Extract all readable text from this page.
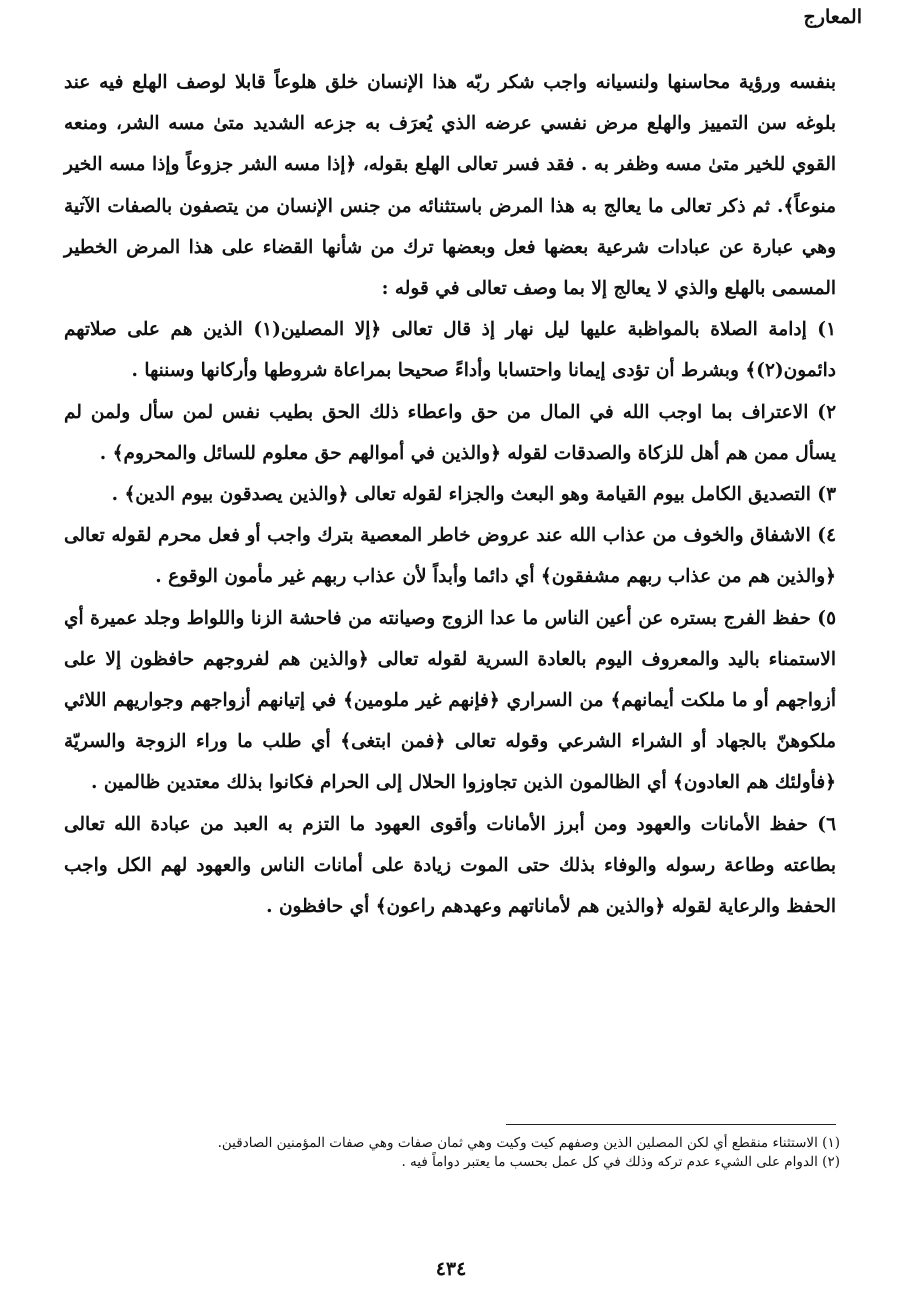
المعارج

بنفسه ورؤية محاسنها ولنسيانه واجب شكر ربّه هذا الإنسان خلق هلوعاً قابلا لوصف الهلع فيه عند بلوغه سن التمييز والهلع مرض نفسي عرضه الذي يُعرَف به جزعه الشديد متىٰ مسه الشر، ومنعه القوي للخير متىٰ مسه وظفر به . فقد فسر تعالى الهلع بقوله، ﴿إذا مسه الشر جزوعاً وإذا مسه الخير منوعاً﴾. ثم ذكر تعالى ما يعالج به هذا المرض باستثنائه من جنس الإنسان من يتصفون بالصفات الآتية وهي عبارة عن عبادات شرعية بعضها فعل وبعضها ترك من شأنها القضاء على هذا المرض الخطير المسمى بالهلع والذي لا يعالج إلا بما وصف تعالى في قوله :

١) إدامة الصلاة بالمواظبة عليها ليل نهار إذ قال تعالى ﴿إلا المصلين(١) الذين هم على صلاتهم دائمون(٢)﴾ وبشرط أن تؤدى إيمانا واحتسابا وأداءً صحيحا بمراعاة شروطها وأركانها وسننها .

٢) الاعتراف بما اوجب الله في المال من حق واعطاء ذلك الحق بطيب نفس لمن سأل ولمن لم يسأل ممن هم أهل للزكاة والصدقات لقوله ﴿والذين في أموالهم حق معلوم للسائل والمحروم﴾ .

٣) التصديق الكامل بيوم القيامة وهو البعث والجزاء لقوله تعالى ﴿والذين يصدقون بيوم الدين﴾ .

٤) الاشفاق والخوف من عذاب الله عند عروض خاطر المعصية بترك واجب أو فعل محرم لقوله تعالى ﴿والذين هم من عذاب ربهم مشفقون﴾ أي دائما وأبداً لأن عذاب ربهم غير مأمون الوقوع .

٥) حفظ الفرج بستره عن أعين الناس ما عدا الزوج وصيانته من فاحشة الزنا واللواط وجلد عميرة أي الاستمناء باليد والمعروف اليوم بالعادة السرية لقوله تعالى ﴿والذين هم لفروجهم حافظون إلا على أزواجهم أو ما ملكت أيمانهم﴾ من السراري ﴿فإنهم غير ملومين﴾ في إتيانهم أزواجهم وجواريهم اللائي ملكوهنّ بالجهاد أو الشراء الشرعي وقوله تعالى ﴿فمن ابتغى﴾ أي طلب ما وراء الزوجة والسريّة ﴿فأولئك هم العادون﴾ أي الظالمون الذين تجاوزوا الحلال إلى الحرام فكانوا بذلك معتدين ظالمين .

٦) حفظ الأمانات والعهود ومن أبرز الأمانات وأقوى العهود ما التزم به العبد من عبادة الله تعالى بطاعته وطاعة رسوله والوفاء بذلك حتى الموت زيادة على أمانات الناس والعهود لهم الكل واجب الحفظ والرعاية لقوله ﴿والذين هم لأماناتهم وعهدهم راعون﴾ أي حافظون .

(١) الاستثناء منقطع أي لكن المصلين الذين وصفهم كيت وكيت وهي ثمان صفات وهي صفات المؤمنين الصادقين.

(٢) الدوام على الشيء عدم تركه وذلك في كل عمل بحسب ما يعتبر دواماً فيه .

٤٣٤
